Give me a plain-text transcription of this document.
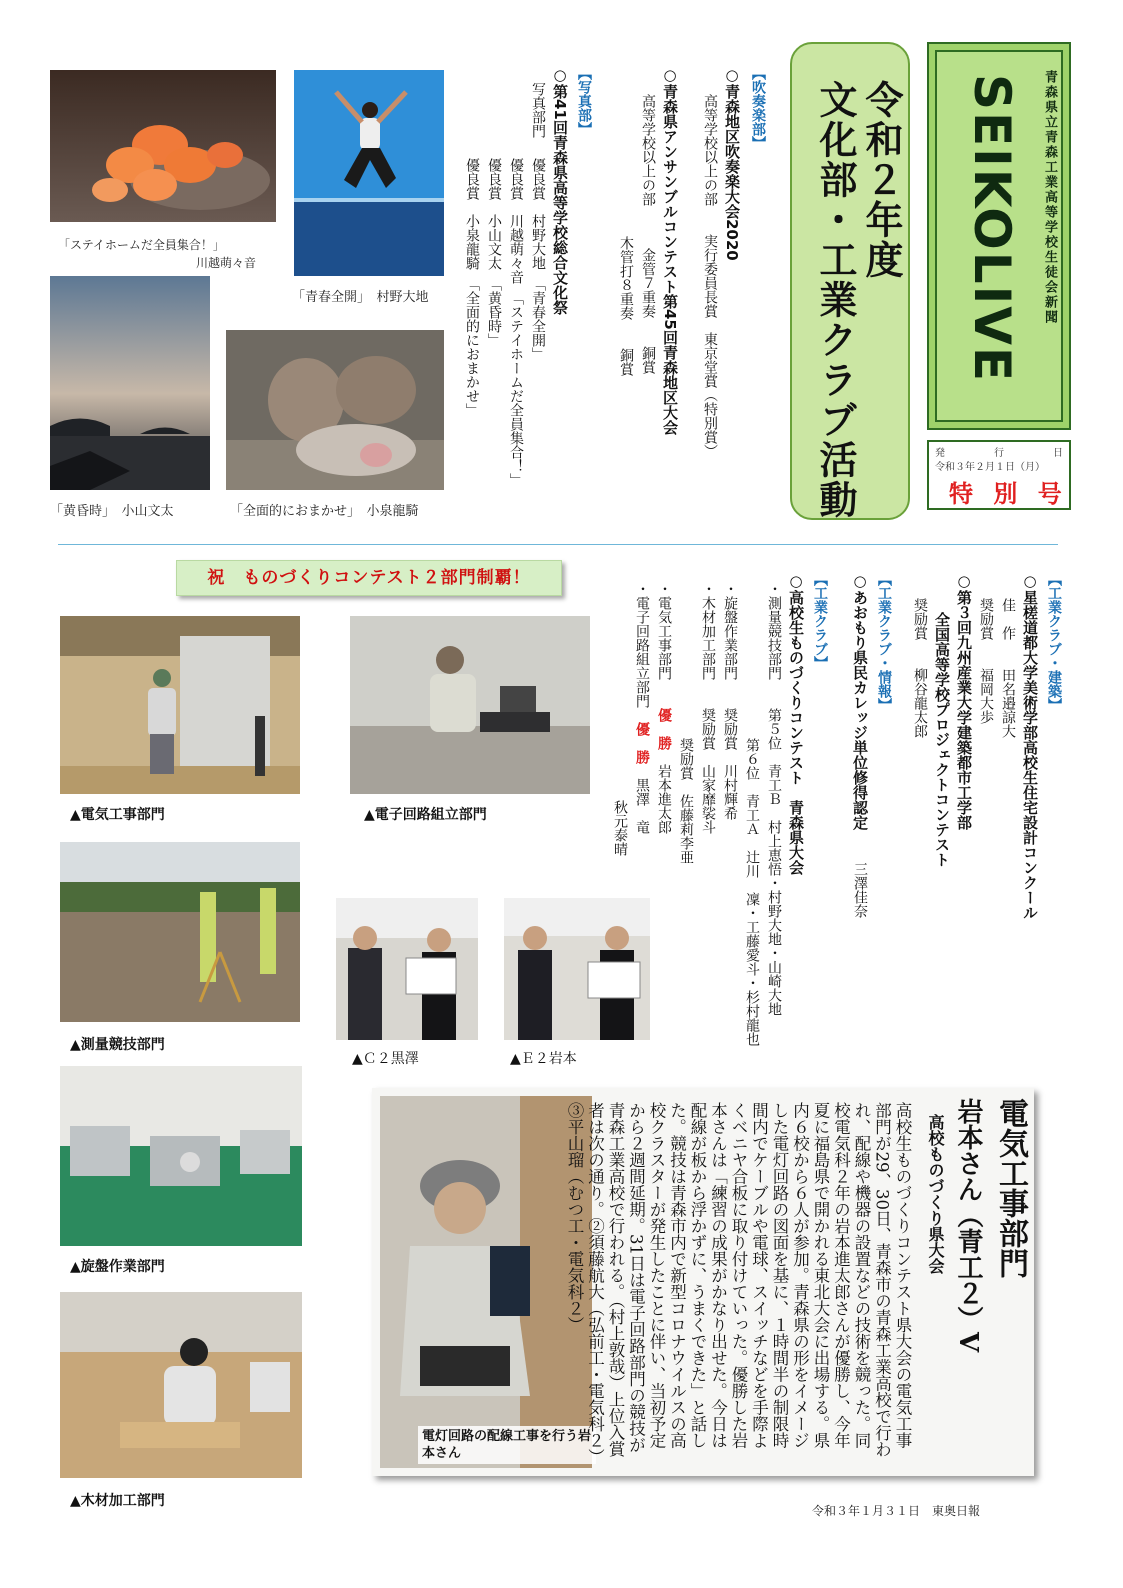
SEIKOLIVE	青森県立青森工業高等学校生徒会新聞
発	行	日
令和３年２月１日（月）
特 別 号
令和２年度
文化部・工業クラブ活動
【吹奏楽部】
○青森地区吹奏楽大会2020
高等学校以上の部　　実行委員長賞　東京堂賞（特別賞）
○青森県アンサンブルコンテスト第45回青森地区大会
高等学校以上の部
金管７重奏　　銅賞
木管打８重奏　　銅賞
【写真部】
○第41回青森県高等学校総合文化祭
写真部門
優良賞　村野大地　「青春全開」
優良賞　川越萌々音　「ステイホームだ全員集合！」
優良賞　小山文太　「黄昏時」
優良賞　小泉龍騎　「全面的におまかせ」
「ステイホームだ全員集合！」
川越萌々音
「青春全開」　村野大地
「黄昏時」　小山文太	「全面的におまかせ」　小泉龍騎
【工業クラブ・建築】
○星槎道都大学美術学部高校生住宅設計コンクール
佳　作　　田名邉諒大
奨励賞　　福岡大歩
○第３回九州産業大学建築都市工学部
全国高等学校プロジェクトコンテスト
奨励賞　　柳谷龍太郎
【工業クラブ・情報】
○あおもり県民カレッジ単位修得認定
三澤佳奈
【工業クラブ】
○高校生ものづくりコンテスト　青森県大会
・測量競技部門　　第５位　青工Ｂ　村上恵悟・村野大地・山崎大地
第６位　青工Ａ　辻川　凜・工藤愛斗・杉村龍也
・旋盤作業部門　　奨励賞　川村輝希
・木材加工部門　　奨励賞　山家靡裟斗
奨励賞　佐藤莉李亜
・電気工事部門　　優　勝　岩本進太郎
・電子回路組立部門　優　勝　黒澤　竜
秋元泰晴
祝　ものづくりコンテスト２部門制覇！
▲電気工事部門	▲電子回路組立部門
▲測量競技部門
▲Ｃ２黒澤	▲Ｅ２岩本
▲旋盤作業部門
▲木材加工部門
電灯回路の配線工事を行う岩本さん
電気工事部門
岩本さん（青工２）V
高校ものづくり県大会
高校生ものづくりコンテスト県大会の電気工事部門が29、30日、青森市の青森工業高校で行われ、配線や機器の設置などの技術を競った。同校電気科２年の岩本進太郎さんが優勝し、今年夏に福島県で開かれる東北大会に出場する。県内６校から６人が参加。青森県の形をイメージした電灯回路の図面を基に、１時間半の制限時間内でケーブルや電球、スイッチなどを手際よくベニヤ合板に取り付けていった。優勝した岩本さんは「練習の成果がかなり出せた。今日は配線が板から浮かずに、うまくできた」と話した。競技は青森市内で新型コロナウイルスの高校クラスターが発生したことに伴い、当初予定から２週間延期。31日は電子回路部門の競技が青森工業高校で行われる。（村上敦哉）上位入賞者は次の通り。②須藤航大（弘前工・電気科２）③平山瑠（むつ工・電気科２）
令和３年１月３１日　東奥日報
